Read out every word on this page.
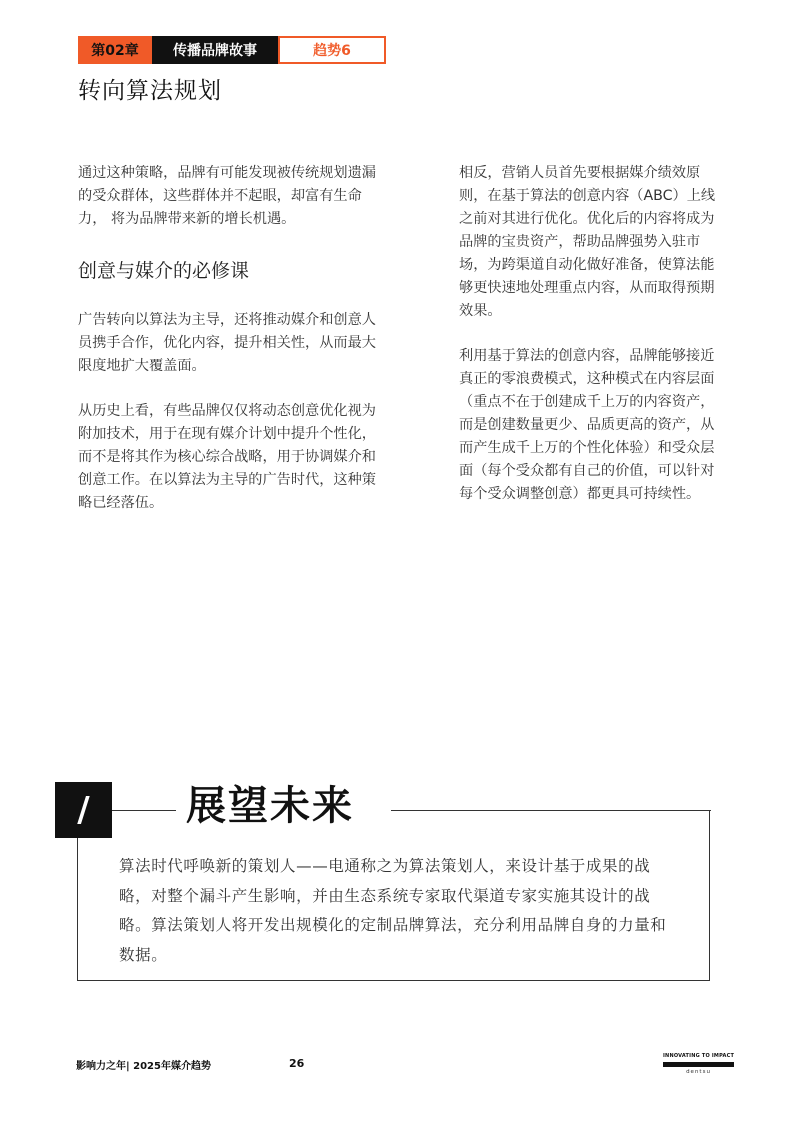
第02章	传播品牌故事	趋势6
转向算法规划

通过这种策略，品牌有可能发现被传统规划遗漏的受众群体，这些群体并不起眼，却富有生命力， 将为品牌带来新的增长机遇。

创意与媒介的必修课

广告转向以算法为主导，还将推动媒介和创意人员携手合作，优化内容，提升相关性，从而最大限度地扩大覆盖面。

从历史上看，有些品牌仅仅将动态创意优化视为附加技术，用于在现有媒介计划中提升个性化，而不是将其作为核心综合战略，用于协调媒介和创意工作。在以算法为主导的广告时代，这种策略已经落伍。

相反，营销人员首先要根据媒介绩效原则，在基于算法的创意内容（ABC）上线之前对其进行优化。优化后的内容将成为品牌的宝贵资产，帮助品牌强势入驻市场，为跨渠道自动化做好准备，使算法能够更快速地处理重点内容，从而取得预期效果。

利用基于算法的创意内容，品牌能够接近真正的零浪费模式，这种模式在内容层面（重点不在于创建成千上万的内容资产，而是创建数量更少、品质更高的资产，从而产生成千上万的个性化体验）和受众层面（每个受众都有自己的价值，可以针对每个受众调整创意）都更具可持续性。

/	展望未来

算法时代呼唤新的策划人——电通称之为算法策划人，来设计基于成果的战略，对整个漏斗产生影响，并由生态系统专家取代渠道专家实施其设计的战略。算法策划人将开发出规模化的定制品牌算法，充分利用品牌自身的力量和数据。

影响力之年| 2025年媒介趋势	26
INNOVATING TO IMPACT
dentsu
